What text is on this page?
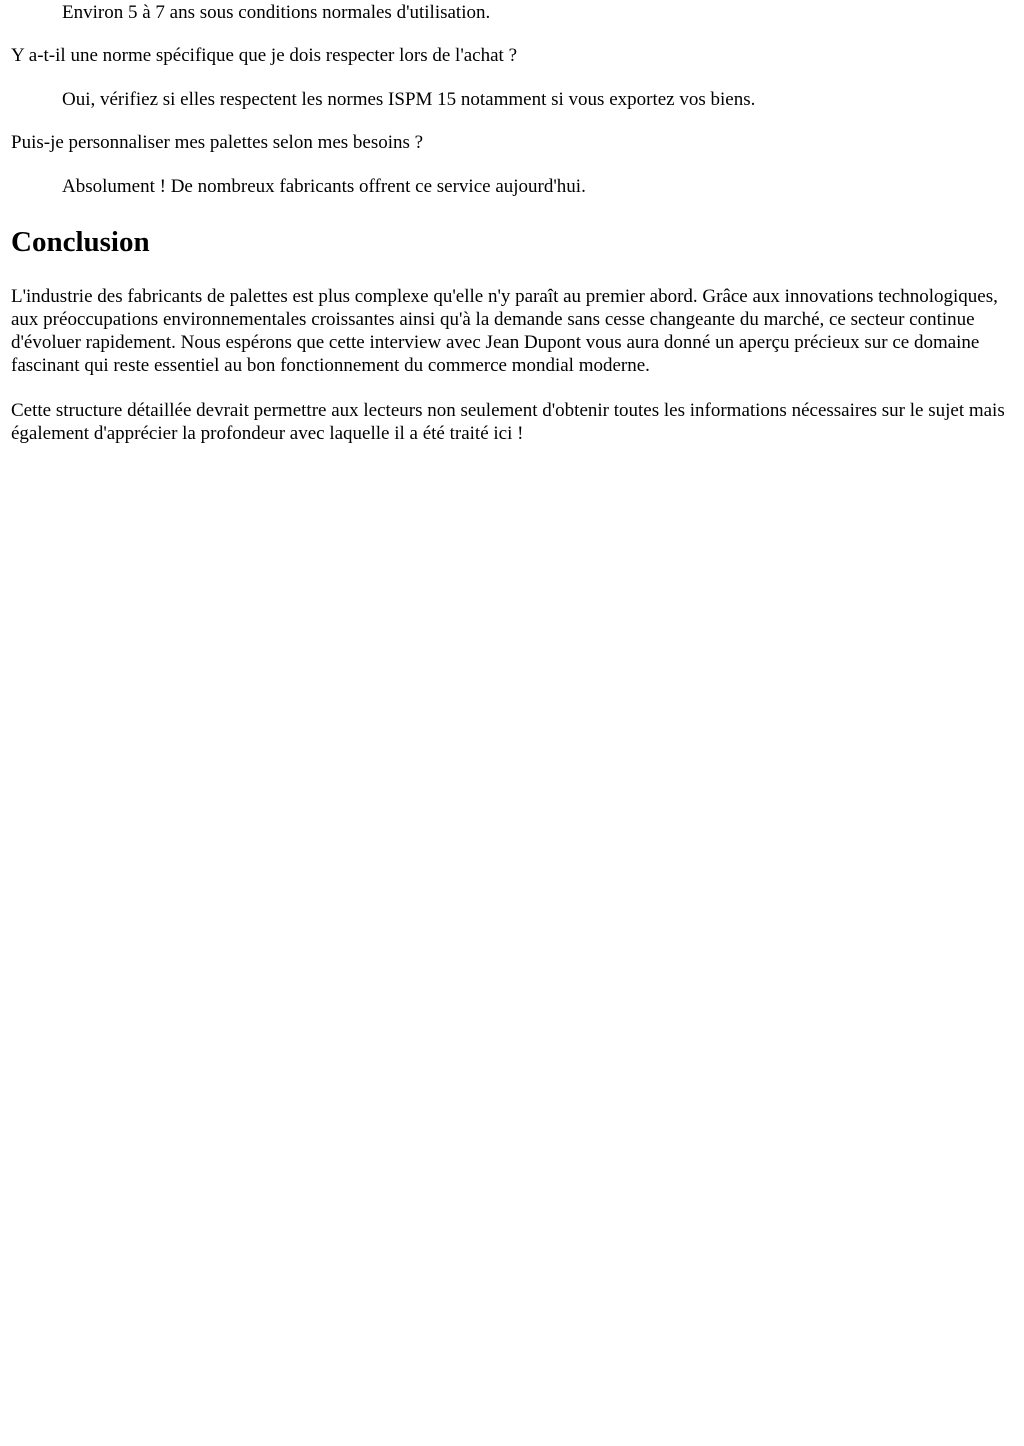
Environ 5 à 7 ans sous conditions normales d'utilisation.

Y a-t-il une norme spécifique que je dois respecter lors de l'achat ?

Oui, vérifiez si elles respectent les normes ISPM 15 notamment si vous exportez vos biens.

Puis-je personnaliser mes palettes selon mes besoins ?

Absolument ! De nombreux fabricants offrent ce service aujourd'hui.

Conclusion

L'industrie des fabricants de palettes est plus complexe qu'elle n'y paraît au premier abord. Grâce aux innovations technologiques, aux préoccupations environnementales croissantes ainsi qu'à la demande sans cesse changeante du marché, ce secteur continue d'évoluer rapidement. Nous espérons que cette interview avec Jean Dupont vous aura donné un aperçu précieux sur ce domaine fascinant qui reste essentiel au bon fonctionnement du commerce mondial moderne.

Cette structure détaillée devrait permettre aux lecteurs non seulement d'obtenir toutes les informations nécessaires sur le sujet mais également d'apprécier la profondeur avec laquelle il a été traité ici !
